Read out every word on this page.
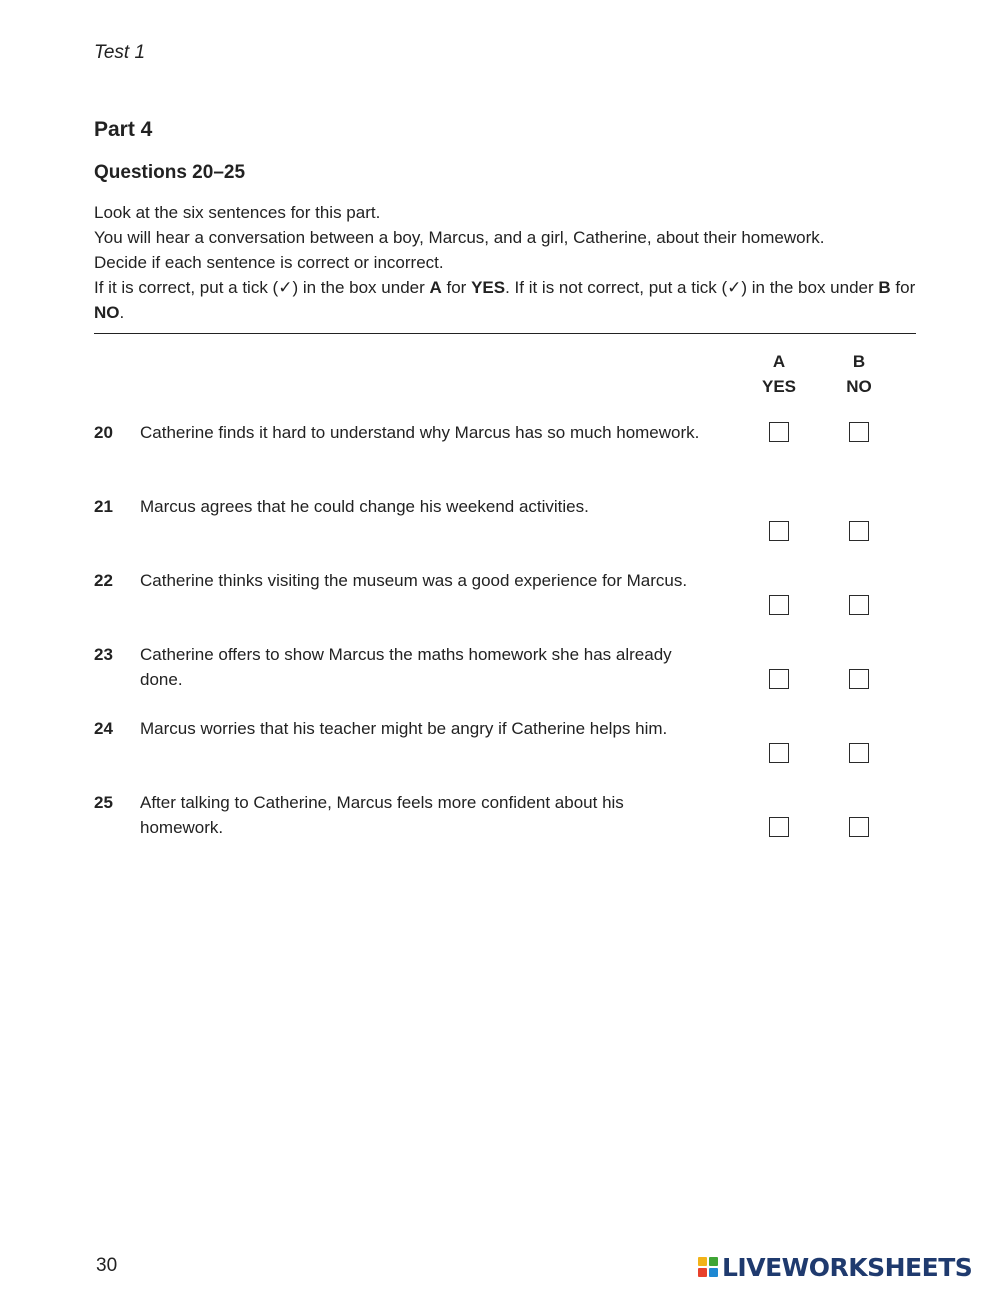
Test 1
Part 4
Questions 20–25

Look at the six sentences for this part.

You will hear a conversation between a boy, Marcus, and a girl, Catherine, about their homework.

Decide if each sentence is correct or incorrect.

If it is correct, put a tick (✓) in the box under A for YES. If it is not correct, put a tick (✓) in the box under B for NO.

A
YES
B
NO
20 Catherine finds it hard to understand why Marcus has so much homework.
21 Marcus agrees that he could change his weekend activities.
22 Catherine thinks visiting the museum was a good experience for Marcus.
23 Catherine offers to show Marcus the maths homework she has already done.
24 Marcus worries that his teacher might be angry if Catherine helps him.
25 After talking to Catherine, Marcus feels more confident about his homework.
30	LIVEWORKSHEETS
